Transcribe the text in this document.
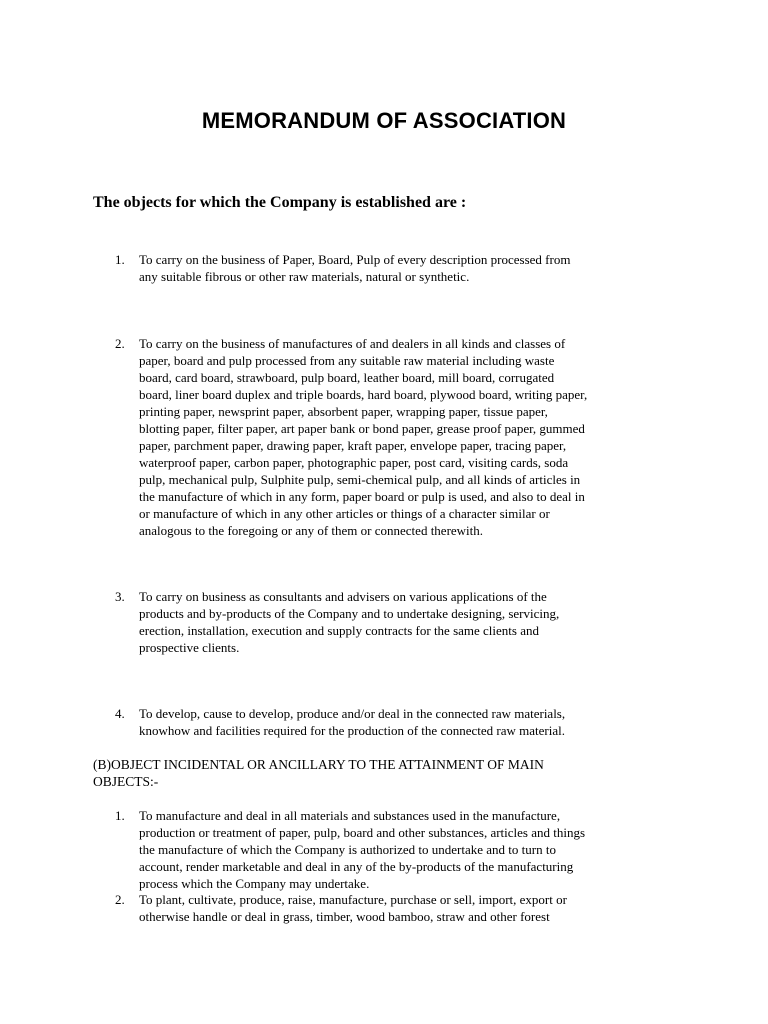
MEMORANDUM OF ASSOCIATION

The objects for which the Company is established are :

1.	To carry on the business of Paper, Board, Pulp of every description processed from
any suitable fibrous or other raw materials, natural or synthetic.
2.	To carry on the business of manufactures of and dealers in all kinds and classes of
paper, board and pulp processed from any suitable raw material including waste
board, card board, strawboard, pulp board, leather board, mill board, corrugated
board, liner board duplex and triple boards, hard board, plywood board, writing paper,
printing paper, newsprint paper, absorbent paper, wrapping paper, tissue paper,
blotting paper, filter paper, art paper bank or bond paper, grease proof paper, gummed
paper, parchment paper, drawing paper, kraft paper, envelope paper, tracing paper,
waterproof paper, carbon paper, photographic paper, post card, visiting cards, soda
pulp, mechanical pulp, Sulphite pulp, semi-chemical pulp, and all kinds of articles in
the manufacture of which in any form, paper board or pulp is used, and also to deal in
or manufacture of which in any other articles or things of a character similar or
analogous to the foregoing or any of them or connected therewith.
3.	To carry on business as consultants and advisers on various applications of the
products and by-products of the Company and to undertake designing, servicing,
erection, installation, execution and supply contracts for the same clients and
prospective clients.
4.	To develop, cause to develop, produce and/or deal in the connected raw materials,
knowhow and facilities required for the production of the connected raw material.

(B)OBJECT INCIDENTAL OR ANCILLARY TO THE ATTAINMENT OF MAIN
OBJECTS:-

1.	To manufacture and deal in all materials and substances used in the manufacture,
production or treatment of paper, pulp, board and other substances, articles and things
the manufacture of which the Company is authorized to undertake and to turn to
account, render marketable and deal in any of the by-products of the manufacturing
process which the Company may undertake.
2.	To plant, cultivate, produce, raise, manufacture, purchase or sell, import, export or
otherwise handle or deal in grass, timber, wood bamboo, straw and other forest
